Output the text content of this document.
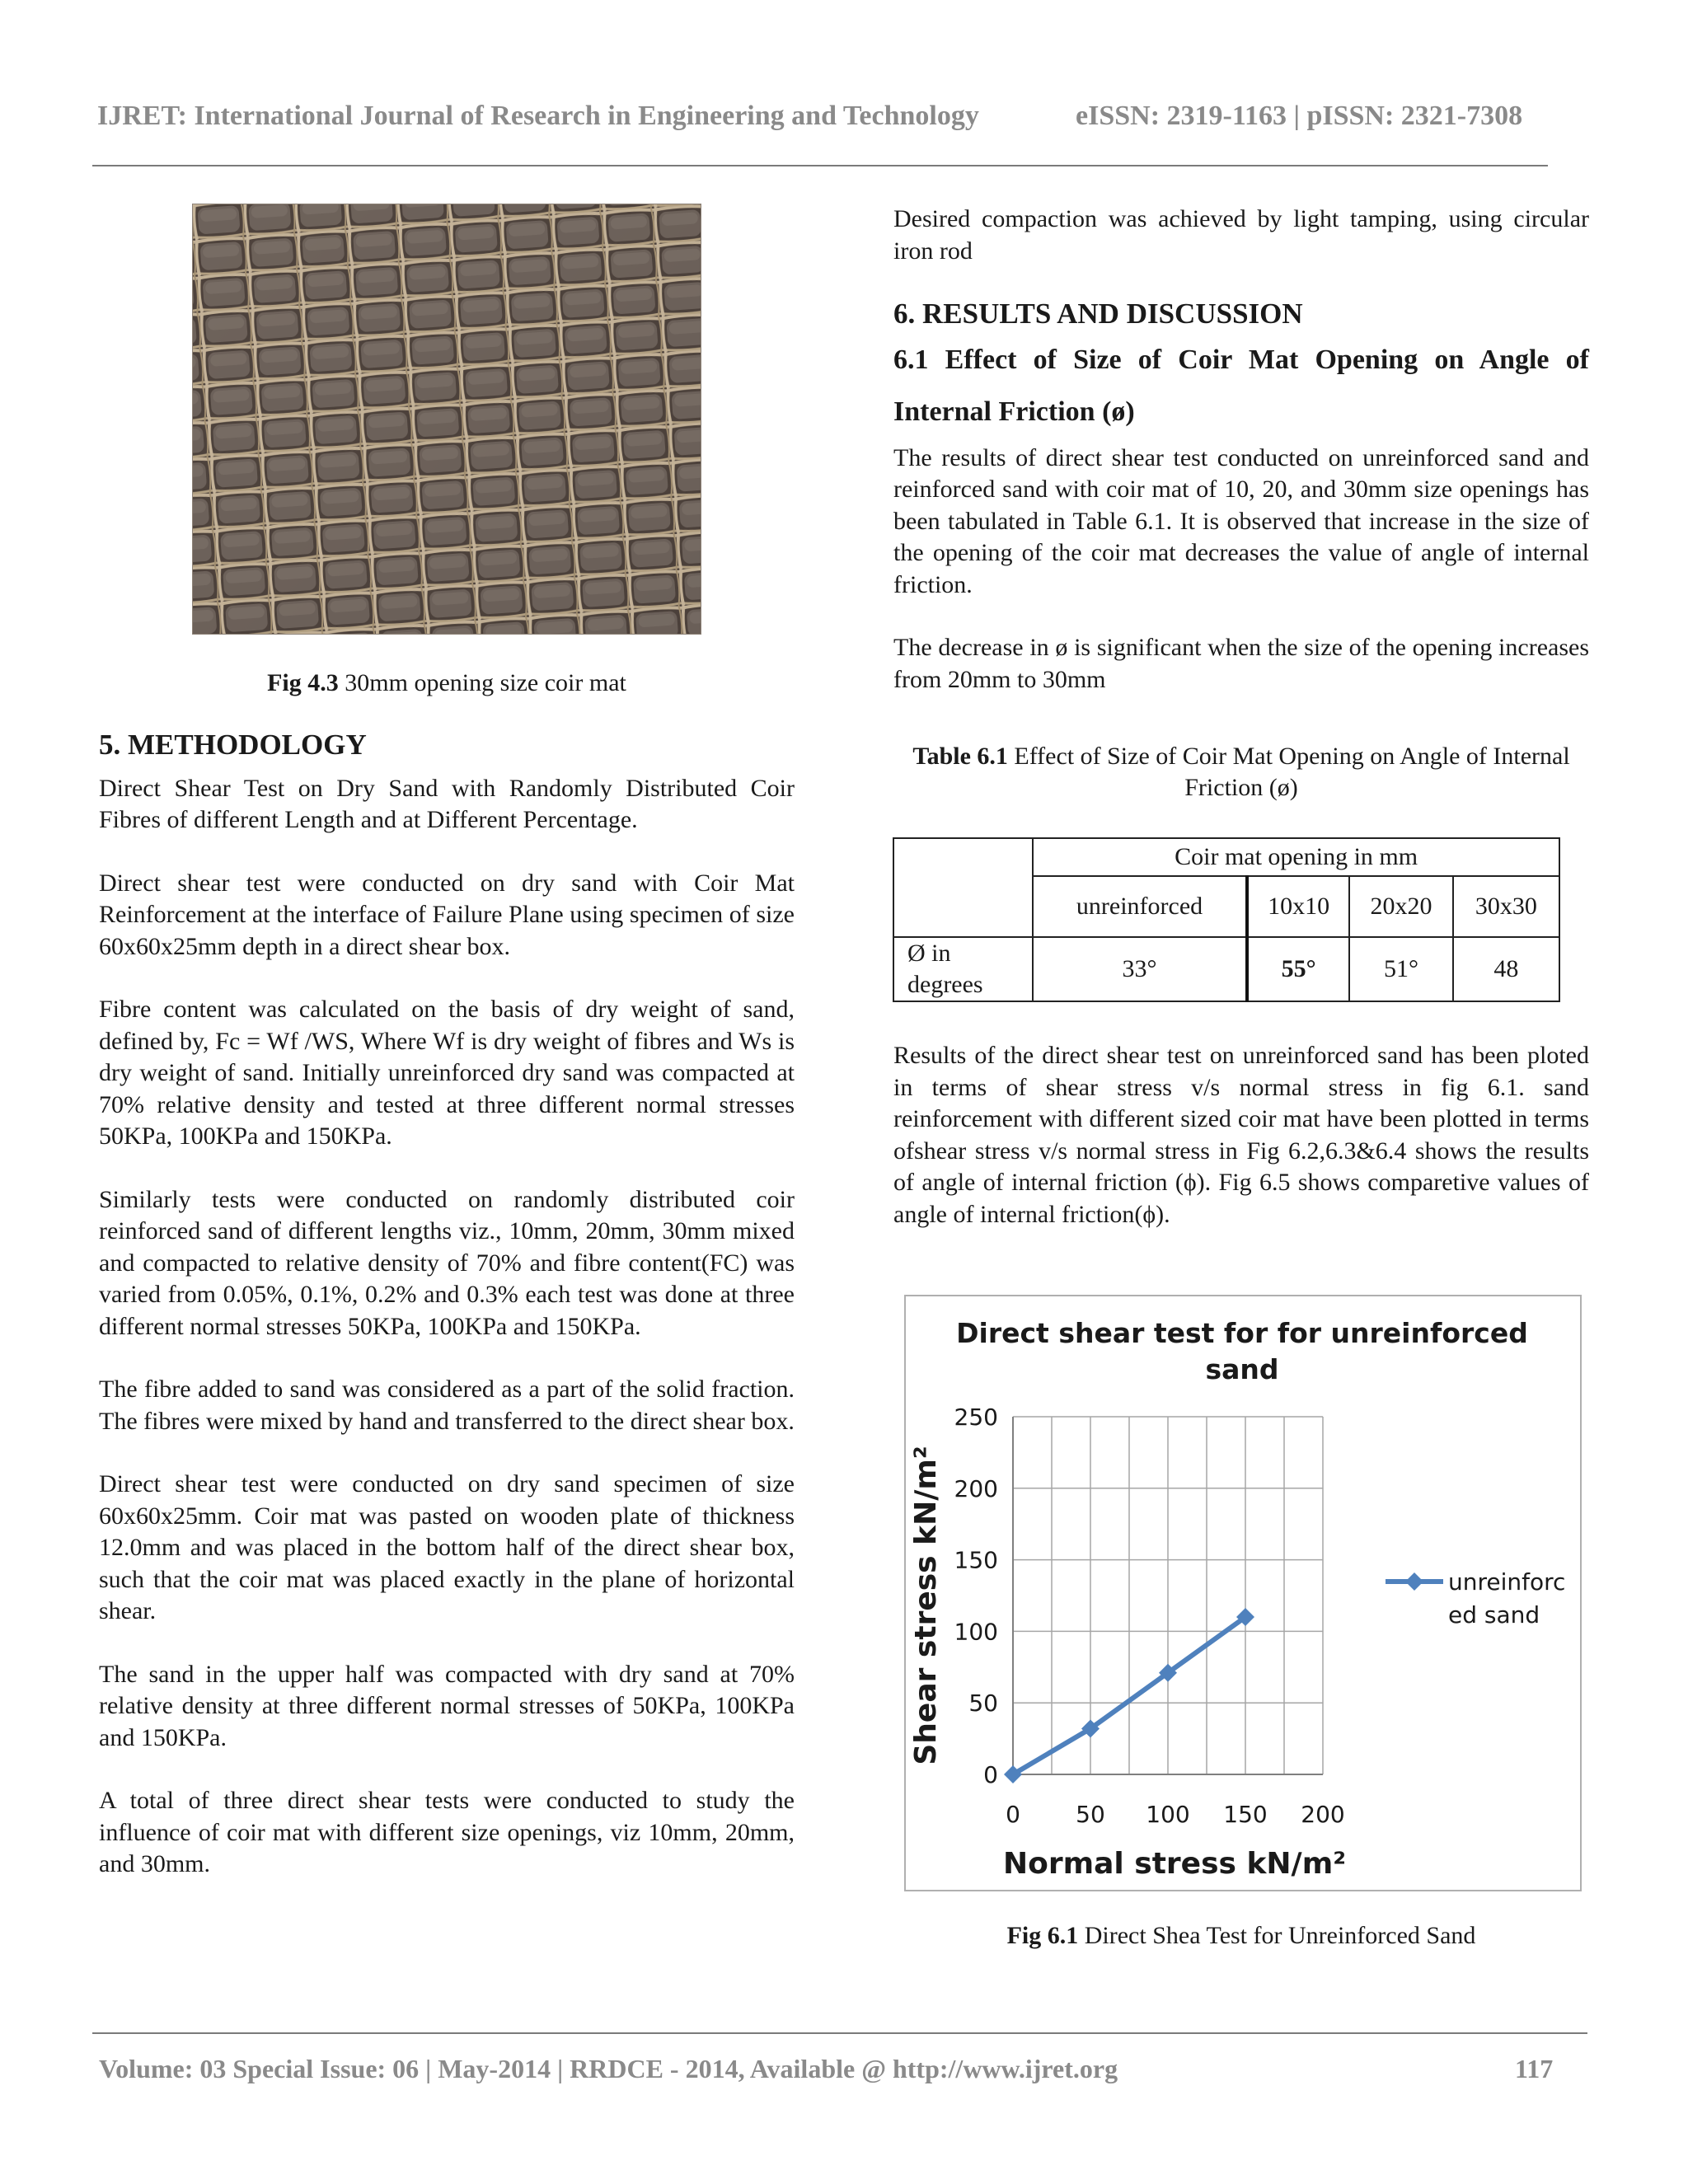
IJRET: International Journal of Research in Engineering and Technology	eISSN: 2319-1163 | pISSN: 2321-7308
Fig 4.3 30mm opening size coir mat
5. METHODOLOGY

Direct Shear Test on Dry Sand with Randomly Distributed Coir Fibres of different Length and at Different Percentage.

Direct shear test were conducted on dry sand with Coir Mat Reinforcement at the interface of Failure Plane using specimen of size 60x60x25mm depth in a direct shear box.

Fibre content was calculated on the basis of dry weight of sand, defined by, Fc = Wf /WS, Where Wf is dry weight of fibres and Ws is dry weight of sand. Initially unreinforced dry sand was compacted at 70% relative density and tested at three different normal stresses 50KPa, 100KPa and 150KPa.

Similarly tests were conducted on randomly distributed coir reinforced sand of different lengths viz., 10mm, 20mm, 30mm mixed and compacted to relative density of 70% and fibre content(FC) was varied from 0.05%, 0.1%, 0.2% and 0.3% each test was done at three different normal stresses 50KPa, 100KPa and 150KPa.

The fibre added to sand was considered as a part of the solid fraction. The fibres were mixed by hand and transferred to the direct shear box.

Direct shear test were conducted on dry sand specimen of size 60x60x25mm. Coir mat was pasted on wooden plate of thickness 12.0mm and was placed in the bottom half of the direct shear box, such that the coir mat was placed exactly in the plane of horizontal shear.

The sand in the upper half was compacted with dry sand at 70% relative density at three different normal stresses of 50KPa, 100KPa and 150KPa.

A total of three direct shear tests were conducted to study the influence of coir mat with different size openings, viz 10mm, 20mm, and 30mm.

Desired compaction was achieved by light tamping, using circular iron rod

6. RESULTS AND DISCUSSION
6.1 Effect of Size of Coir Mat Opening on Angle of Internal Friction (ø)

The results of direct shear test conducted on unreinforced sand and reinforced sand with coir mat of 10, 20, and 30mm size openings has been tabulated in Table 6.1. It is observed that increase in the size of the opening of the coir mat decreases the value of angle of internal friction.

The decrease in ø is significant when the size of the opening increases from 20mm to 30mm

Table 6.1 Effect of Size of Coir Mat Opening on Angle of Internal Friction (ø)
	Coir mat opening in mm			
	unreinforced	10x10	20x20	30x30
Ø in degrees	33°	55°	51°	48

Results of the direct shear test on unreinforced sand has been ploted in terms of shear stress v/s normal stress in fig 6.1. sand reinforcement with different sized coir mat have been plotted in terms ofshear stress v/s normal stress in Fig 6.2,6.3&6.4 shows the results of angle of internal friction (ϕ). Fig 6.5 shows comparetive values of angle of internal friction(ϕ).

Direct shear test for for unreinforced
sand
0
50
100
150
200
250
0 50 100 150 200
Normal stress kN/m²
Shear stress kN/m²	unreinforc
ed sand
Fig 6.1 Direct Shea Test for Unreinforced Sand
Volume: 03 Special Issue: 06 | May-2014 | RRDCE - 2014, Available @ http://www.ijret.org	117
